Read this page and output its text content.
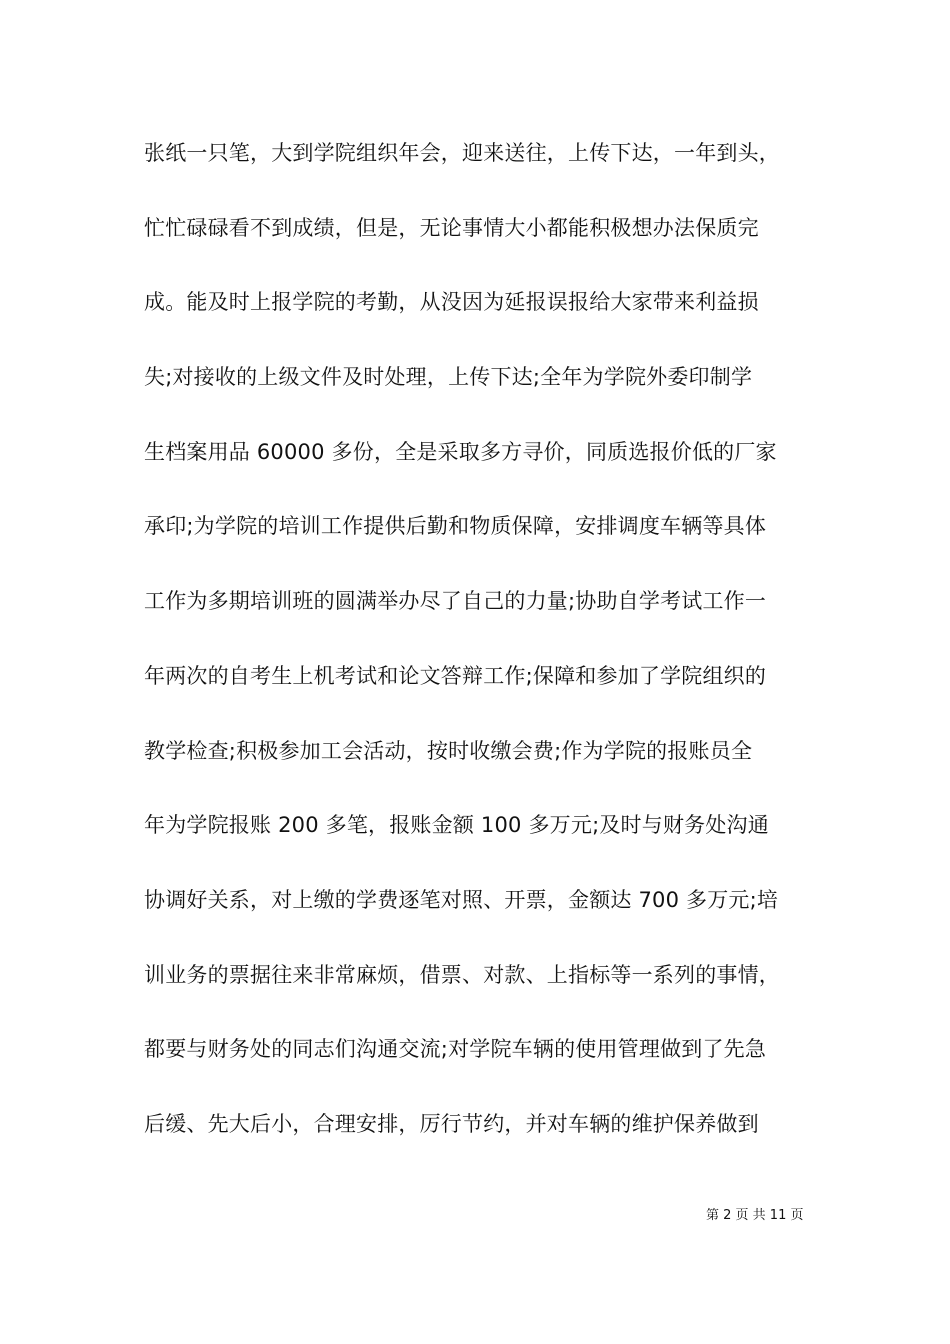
张纸一只笔，大到学院组织年会，迎来送往，上传下达，一年到头，
忙忙碌碌看不到成绩，但是，无论事情大小都能积极想办法保质完
成。能及时上报学院的考勤，从没因为延报误报给大家带来利益损
失;对接收的上级文件及时处理，上传下达;全年为学院外委印制学
生档案用品 60000 多份，全是采取多方寻价，同质选报价低的厂家
承印;为学院的培训工作提供后勤和物质保障，安排调度车辆等具体
工作为多期培训班的圆满举办尽了自己的力量;协助自学考试工作一
年两次的自考生上机考试和论文答辩工作;保障和参加了学院组织的
教学检查;积极参加工会活动，按时收缴会费;作为学院的报账员全
年为学院报账 200 多笔，报账金额 100 多万元;及时与财务处沟通
协调好关系，对上缴的学费逐笔对照、开票，金额达 700 多万元;培
训业务的票据往来非常麻烦，借票、对款、上指标等一系列的事情，
都要与财务处的同志们沟通交流;对学院车辆的使用管理做到了先急
后缓、先大后小，合理安排，厉行节约，并对车辆的维护保养做到
第 2 页 共 11 页
